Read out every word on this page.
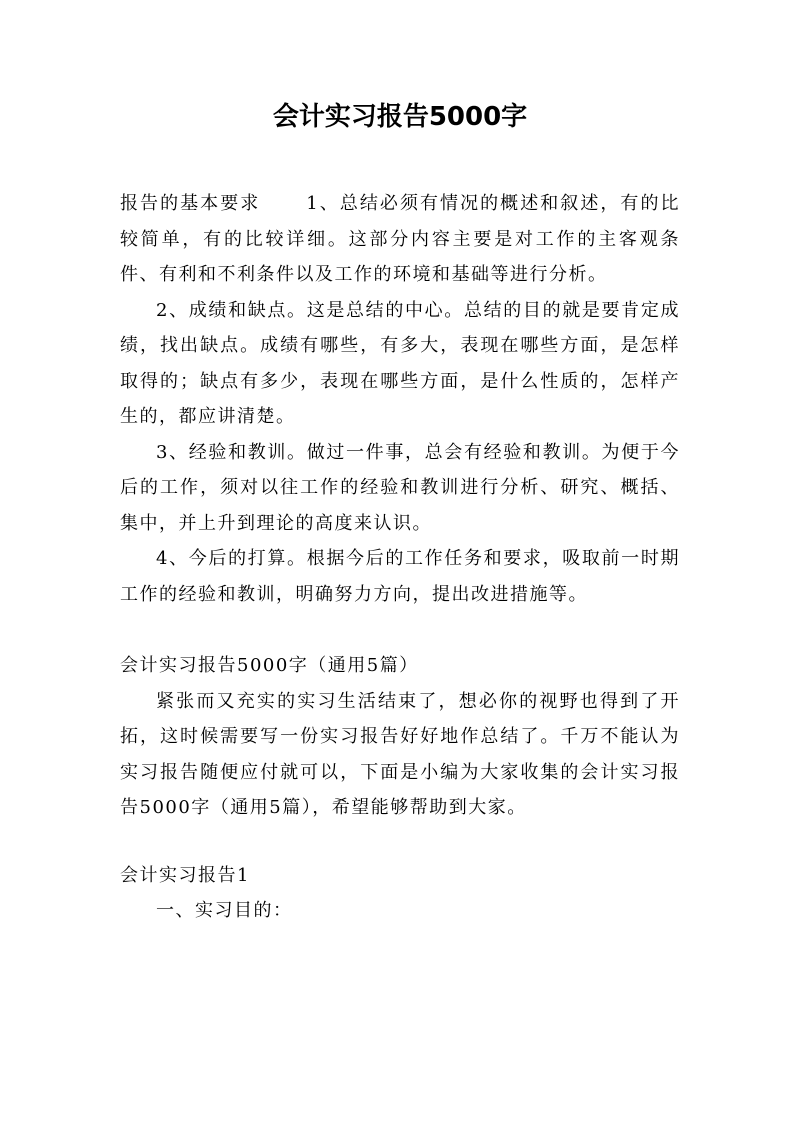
会计实习报告5000字

报告的基本要求	1、总结必须有情况的概述和叙述，有的比较简单，有的比较详细。这部分内容主要是对工作的主客观条件、有利和不利条件以及工作的环境和基础等进行分析。

2、成绩和缺点。这是总结的中心。总结的目的就是要肯定成绩，找出缺点。成绩有哪些，有多大，表现在哪些方面，是怎样取得的；缺点有多少，表现在哪些方面，是什么性质的，怎样产生的，都应讲清楚。

3、经验和教训。做过一件事，总会有经验和教训。为便于今后的工作，须对以往工作的经验和教训进行分析、研究、概括、集中，并上升到理论的高度来认识。

4、今后的打算。根据今后的工作任务和要求，吸取前一时期工作的经验和教训，明确努力方向，提出改进措施等。

会计实习报告5000字（通用5篇）

紧张而又充实的实习生活结束了，想必你的视野也得到了开拓，这时候需要写一份实习报告好好地作总结了。千万不能认为实习报告随便应付就可以，下面是小编为大家收集的会计实习报告5000字（通用5篇），希望能够帮助到大家。

会计实习报告1

一、实习目的：
